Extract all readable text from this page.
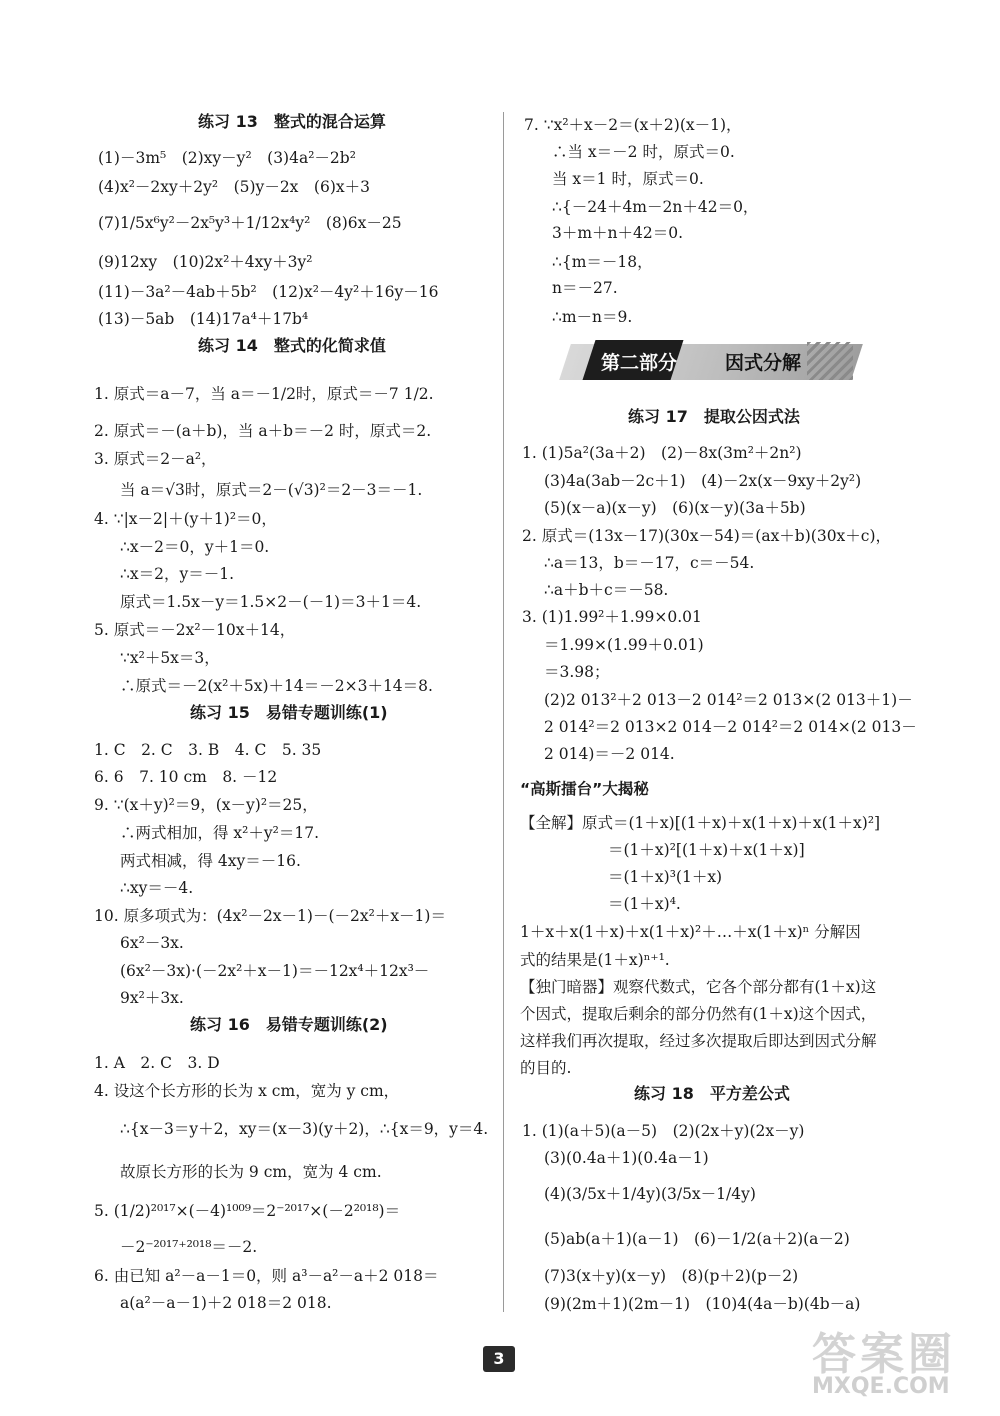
练习 13　整式的混合运算
(1)－3m⁵　(2)xy－y²　(3)4a²－2b²
(4)x²－2xy＋2y²　(5)y－2x　(6)x＋3
(7)1/5x⁶y²－2x⁵y³＋1/12x⁴y²　(8)6x－25
(9)12xy　(10)2x²＋4xy＋3y²
(11)－3a²－4ab＋5b²　(12)x²－4y²＋16y－16
(13)－5ab　(14)17a⁴＋17b⁴
练习 14　整式的化简求值
1. 原式＝a－7，当 a＝－1/2时，原式＝－7 1/2.
2. 原式＝－(a＋b)，当 a＋b＝－2 时，原式＝2.
3. 原式＝2－a²，
当 a＝√3时，原式＝2－(√3)²＝2－3＝－1.
4. ∵|x－2|＋(y＋1)²＝0，
∴x－2＝0，y＋1＝0.
∴x＝2，y＝－1.
原式＝1.5x－y＝1.5×2－(－1)＝3＋1＝4.
5. 原式＝－2x²－10x＋14，
∵x²＋5x＝3，
∴原式＝－2(x²＋5x)＋14＝－2×3＋14＝8.
练习 15　易错专题训练(1)
1. C　2. C　3. B　4. C　5. 35
6. 6　7. 10 cm　8. －12
9. ∵(x＋y)²＝9，(x－y)²＝25，
∴两式相加，得 x²＋y²＝17.
两式相减，得 4xy＝－16.
∴xy＝－4.
10. 原多项式为：(4x²－2x－1)－(－2x²＋x－1)＝
6x²－3x.
(6x²－3x)·(－2x²＋x－1)＝－12x⁴＋12x³－
9x²＋3x.
练习 16　易错专题训练(2)
1. A　2. C　3. D
4. 设这个长方形的长为 x cm，宽为 y cm，
∴{x－3＝y＋2，xy＝(x－3)(y＋2)，∴{x＝9，y＝4.
故原长方形的长为 9 cm，宽为 4 cm.
5. (1/2)²⁰¹⁷×(－4)¹⁰⁰⁹＝2⁻²⁰¹⁷×(－2²⁰¹⁸)＝
－2⁻²⁰¹⁷⁺²⁰¹⁸＝－2.
6. 由已知 a²－a－1＝0，则 a³－a²－a＋2 018＝
a(a²－a－1)＋2 018＝2 018.
7. ∵x²＋x－2＝(x＋2)(x－1)，
∴当 x＝－2 时，原式＝0.
当 x＝1 时，原式＝0.
∴{－24＋4m－2n＋42＝0，
3＋m＋n＋42＝0.
∴{m＝－18，
n＝－27.
∴m－n＝9.
练习 17　提取公因式法
1. (1)5a²(3a＋2)　(2)－8x(3m²＋2n²)
(3)4a(3ab－2c＋1)　(4)－2x(x－9xy＋2y²)
(5)(x－a)(x－y)　(6)(x－y)(3a＋5b)
2. 原式＝(13x－17)(30x－54)＝(ax＋b)(30x＋c)，
∴a＝13，b＝－17，c＝－54.
∴a＋b＋c＝－58.
3. (1)1.99²＋1.99×0.01
＝1.99×(1.99＋0.01)
＝3.98；
(2)2 013²＋2 013－2 014²＝2 013×(2 013＋1)－
2 014²＝2 013×2 014－2 014²＝2 014×(2 013－
2 014)＝－2 014.
“高斯擂台”大揭秘
【全解】原式＝(1＋x)[(1＋x)＋x(1＋x)＋x(1＋x)²]
＝(1＋x)²[(1＋x)＋x(1＋x)]
＝(1＋x)³(1＋x)
＝(1＋x)⁴.
1＋x＋x(1＋x)＋x(1＋x)²＋…＋x(1＋x)ⁿ 分解因
式的结果是(1＋x)ⁿ⁺¹.
【独门暗器】观察代数式，它各个部分都有(1＋x)这
个因式，提取后剩余的部分仍然有(1＋x)这个因式，
这样我们再次提取，经过多次提取后即达到因式分解
的目的.
练习 18　平方差公式
1. (1)(a＋5)(a－5)　(2)(2x＋y)(2x－y)
(3)(0.4a＋1)(0.4a－1)
(4)(3/5x＋1/4y)(3/5x－1/4y)
(5)ab(a＋1)(a－1)　(6)－1/2(a＋2)(a－2)
(7)3(x＋y)(x－y)　(8)(p＋2)(p－2)
(9)(2m＋1)(2m－1)　(10)4(4a－b)(4b－a)
第二部分	因式分解
3	答案圈
MXQE.COM
